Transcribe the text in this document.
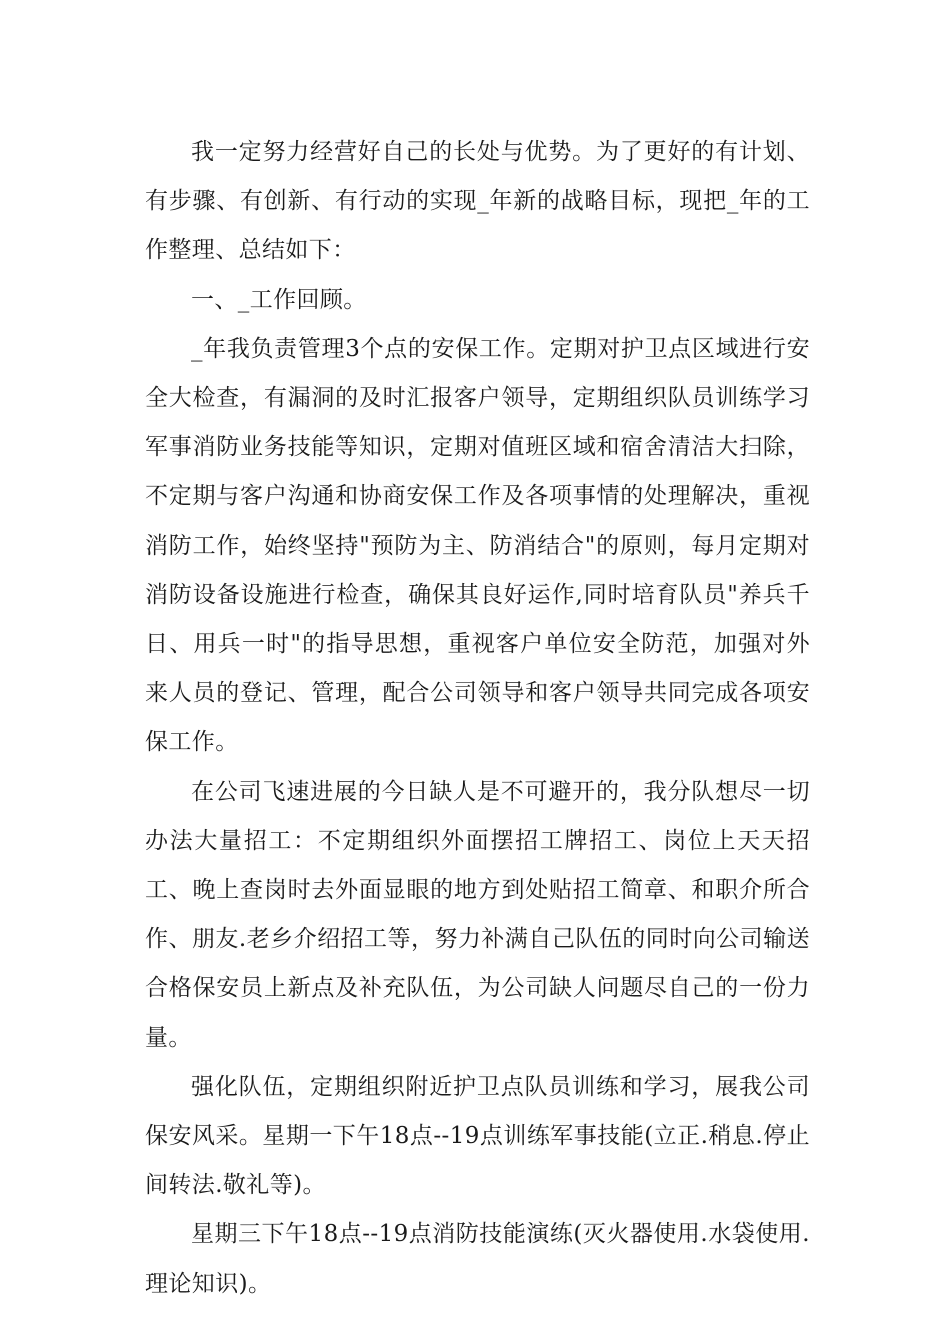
我一定努力经营好自己的长处与优势。为了更好的有计划、有步骤、有创新、有行动的实现_年新的战略目标，现把_年的工作整理、总结如下：

一、_工作回顾。

_年我负责管理3个点的安保工作。定期对护卫点区域进行安全大检查，有漏洞的及时汇报客户领导，定期组织队员训练学习军事消防业务技能等知识，定期对值班区域和宿舍清洁大扫除，不定期与客户沟通和协商安保工作及各项事情的处理解决，重视消防工作，始终坚持"预防为主、防消结合"的原则，每月定期对消防设备设施进行检查，确保其良好运作,同时培育队员"养兵千日、用兵一时"的指导思想，重视客户单位安全防范，加强对外来人员的登记、管理，配合公司领导和客户领导共同完成各项安保工作。

在公司飞速进展的今日缺人是不可避开的，我分队想尽一切办法大量招工：不定期组织外面摆招工牌招工、岗位上天天招工、晚上查岗时去外面显眼的地方到处贴招工简章、和职介所合作、朋友.老乡介绍招工等，努力补满自己队伍的同时向公司输送合格保安员上新点及补充队伍，为公司缺人问题尽自己的一份力量。

强化队伍，定期组织附近护卫点队员训练和学习，展我公司保安风采。星期一下午18点--19点训练军事技能(立正.稍息.停止间转法.敬礼等)。

星期三下午18点--19点消防技能演练(灭火器使用.水袋使用.理论知识)。
